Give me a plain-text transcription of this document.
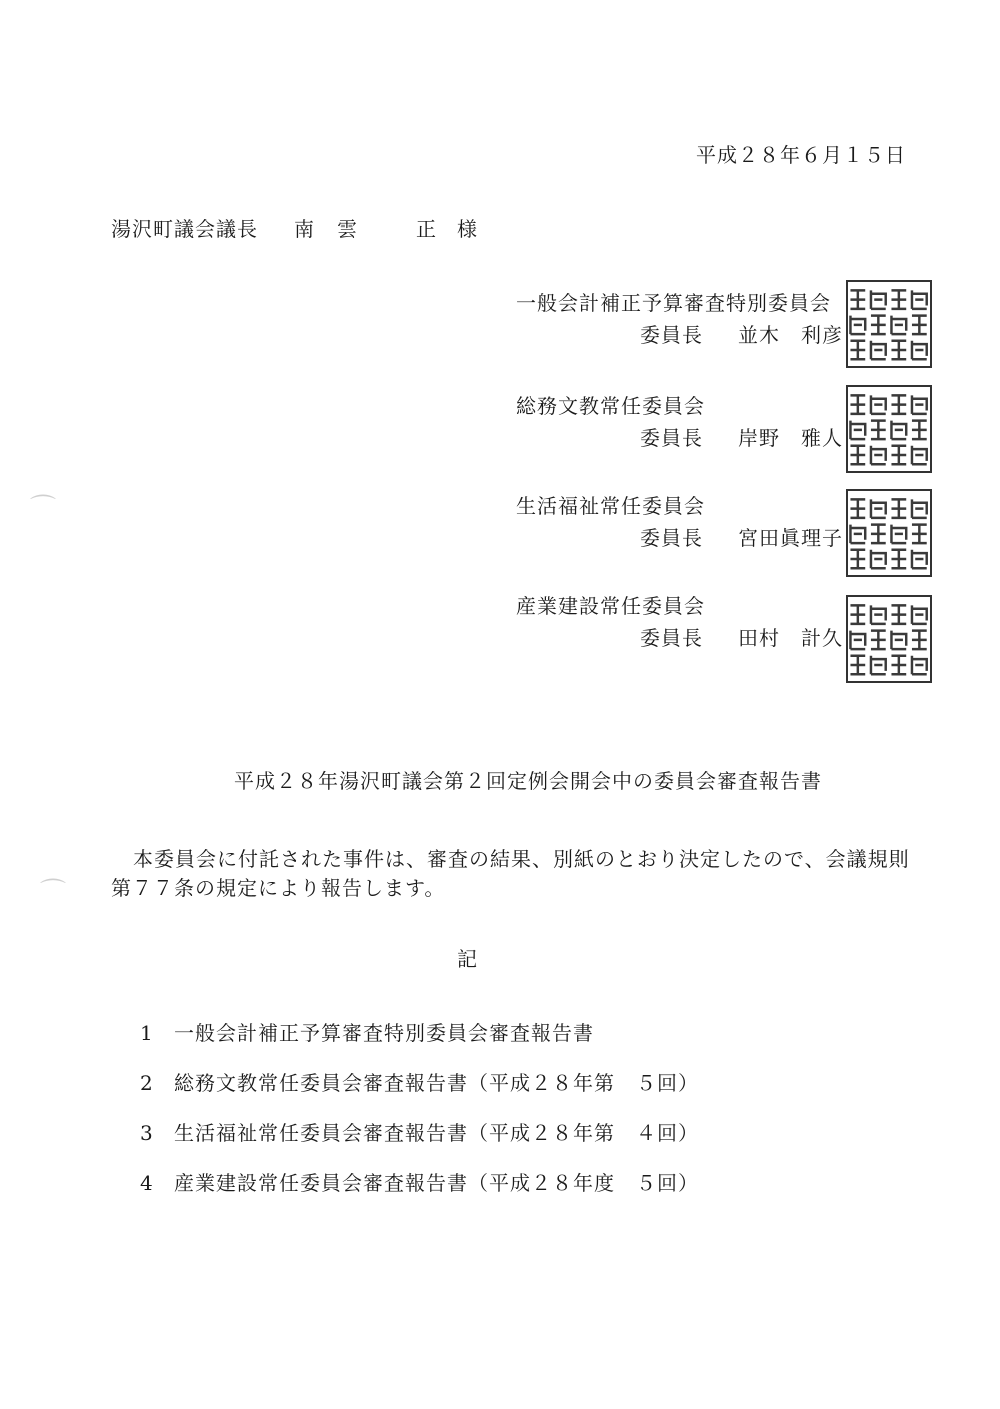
⌒
⌒
平成２８年６月１５日
湯沢町議会議長 南 雲	正 様
一般会計補正予算審査特別委員会
委員長 並木　利彦
総務文教常任委員会
委員長 岸野　雅人
生活福祉常任委員会
委員長 宮田眞理子
産業建設常任委員会
委員長 田村　計久
平成２８年湯沢町議会第２回定例会開会中の委員会審査報告書
本委員会に付託された事件は、審査の結果、別紙のとおり決定したので、会議規則
第７７条の規定により報告します。
記
1 一般会計補正予算審査特別委員会審査報告書
2 総務文教常任委員会審査報告書（平成２８年第　５回）
3 生活福祉常任委員会審査報告書（平成２８年第　４回）
4 産業建設常任委員会審査報告書（平成２８年度　５回）
